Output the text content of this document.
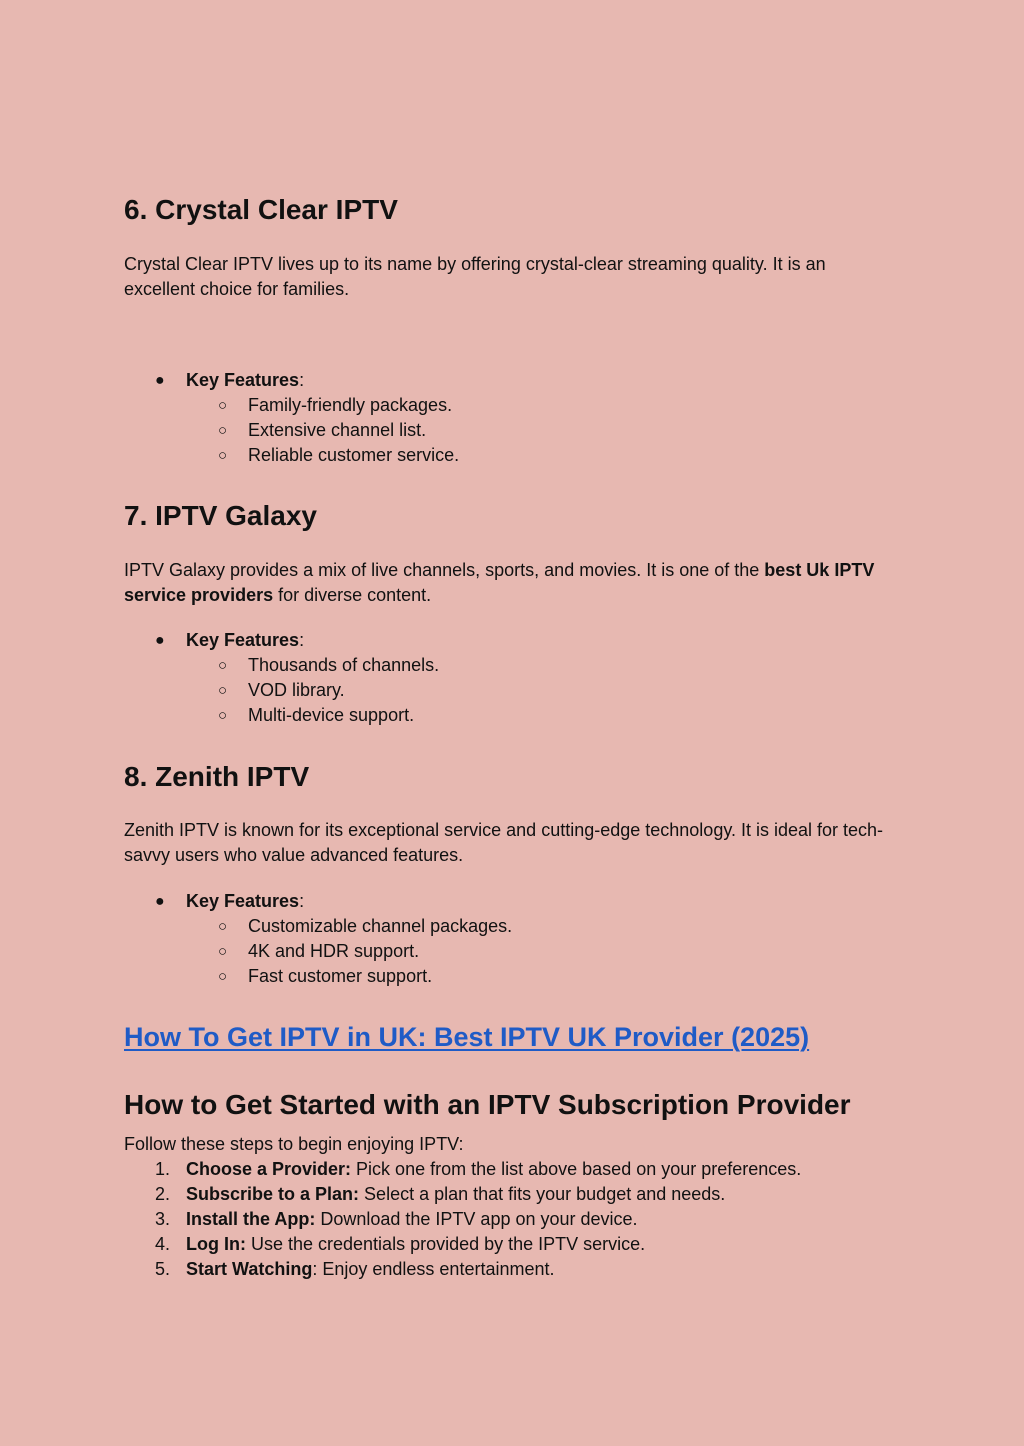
6. Crystal Clear IPTV

Crystal Clear IPTV lives up to its name by offering crystal-clear streaming quality. It is an excellent choice for families.

● Key Features:
○ Family-friendly packages.
○ Extensive channel list.
○ Reliable customer service.
7. IPTV Galaxy

IPTV Galaxy provides a mix of live channels, sports, and movies. It is one of the best Uk IPTV service providers for diverse content.

● Key Features:
○ Thousands of channels.
○ VOD library.
○ Multi-device support.
8. Zenith IPTV

Zenith IPTV is known for its exceptional service and cutting-edge technology. It is ideal for tech-savvy users who value advanced features.

● Key Features:
○ Customizable channel packages.
○ 4K and HDR support.
○ Fast customer support.
How To Get IPTV in UK: Best IPTV UK Provider (2025)
How to Get Started with an IPTV Subscription Provider
Follow these steps to begin enjoying IPTV:
1. Choose a Provider: Pick one from the list above based on your preferences.
2. Subscribe to a Plan: Select a plan that fits your budget and needs.
3. Install the App: Download the IPTV app on your device.
4. Log In: Use the credentials provided by the IPTV service.
5. Start Watching: Enjoy endless entertainment.
